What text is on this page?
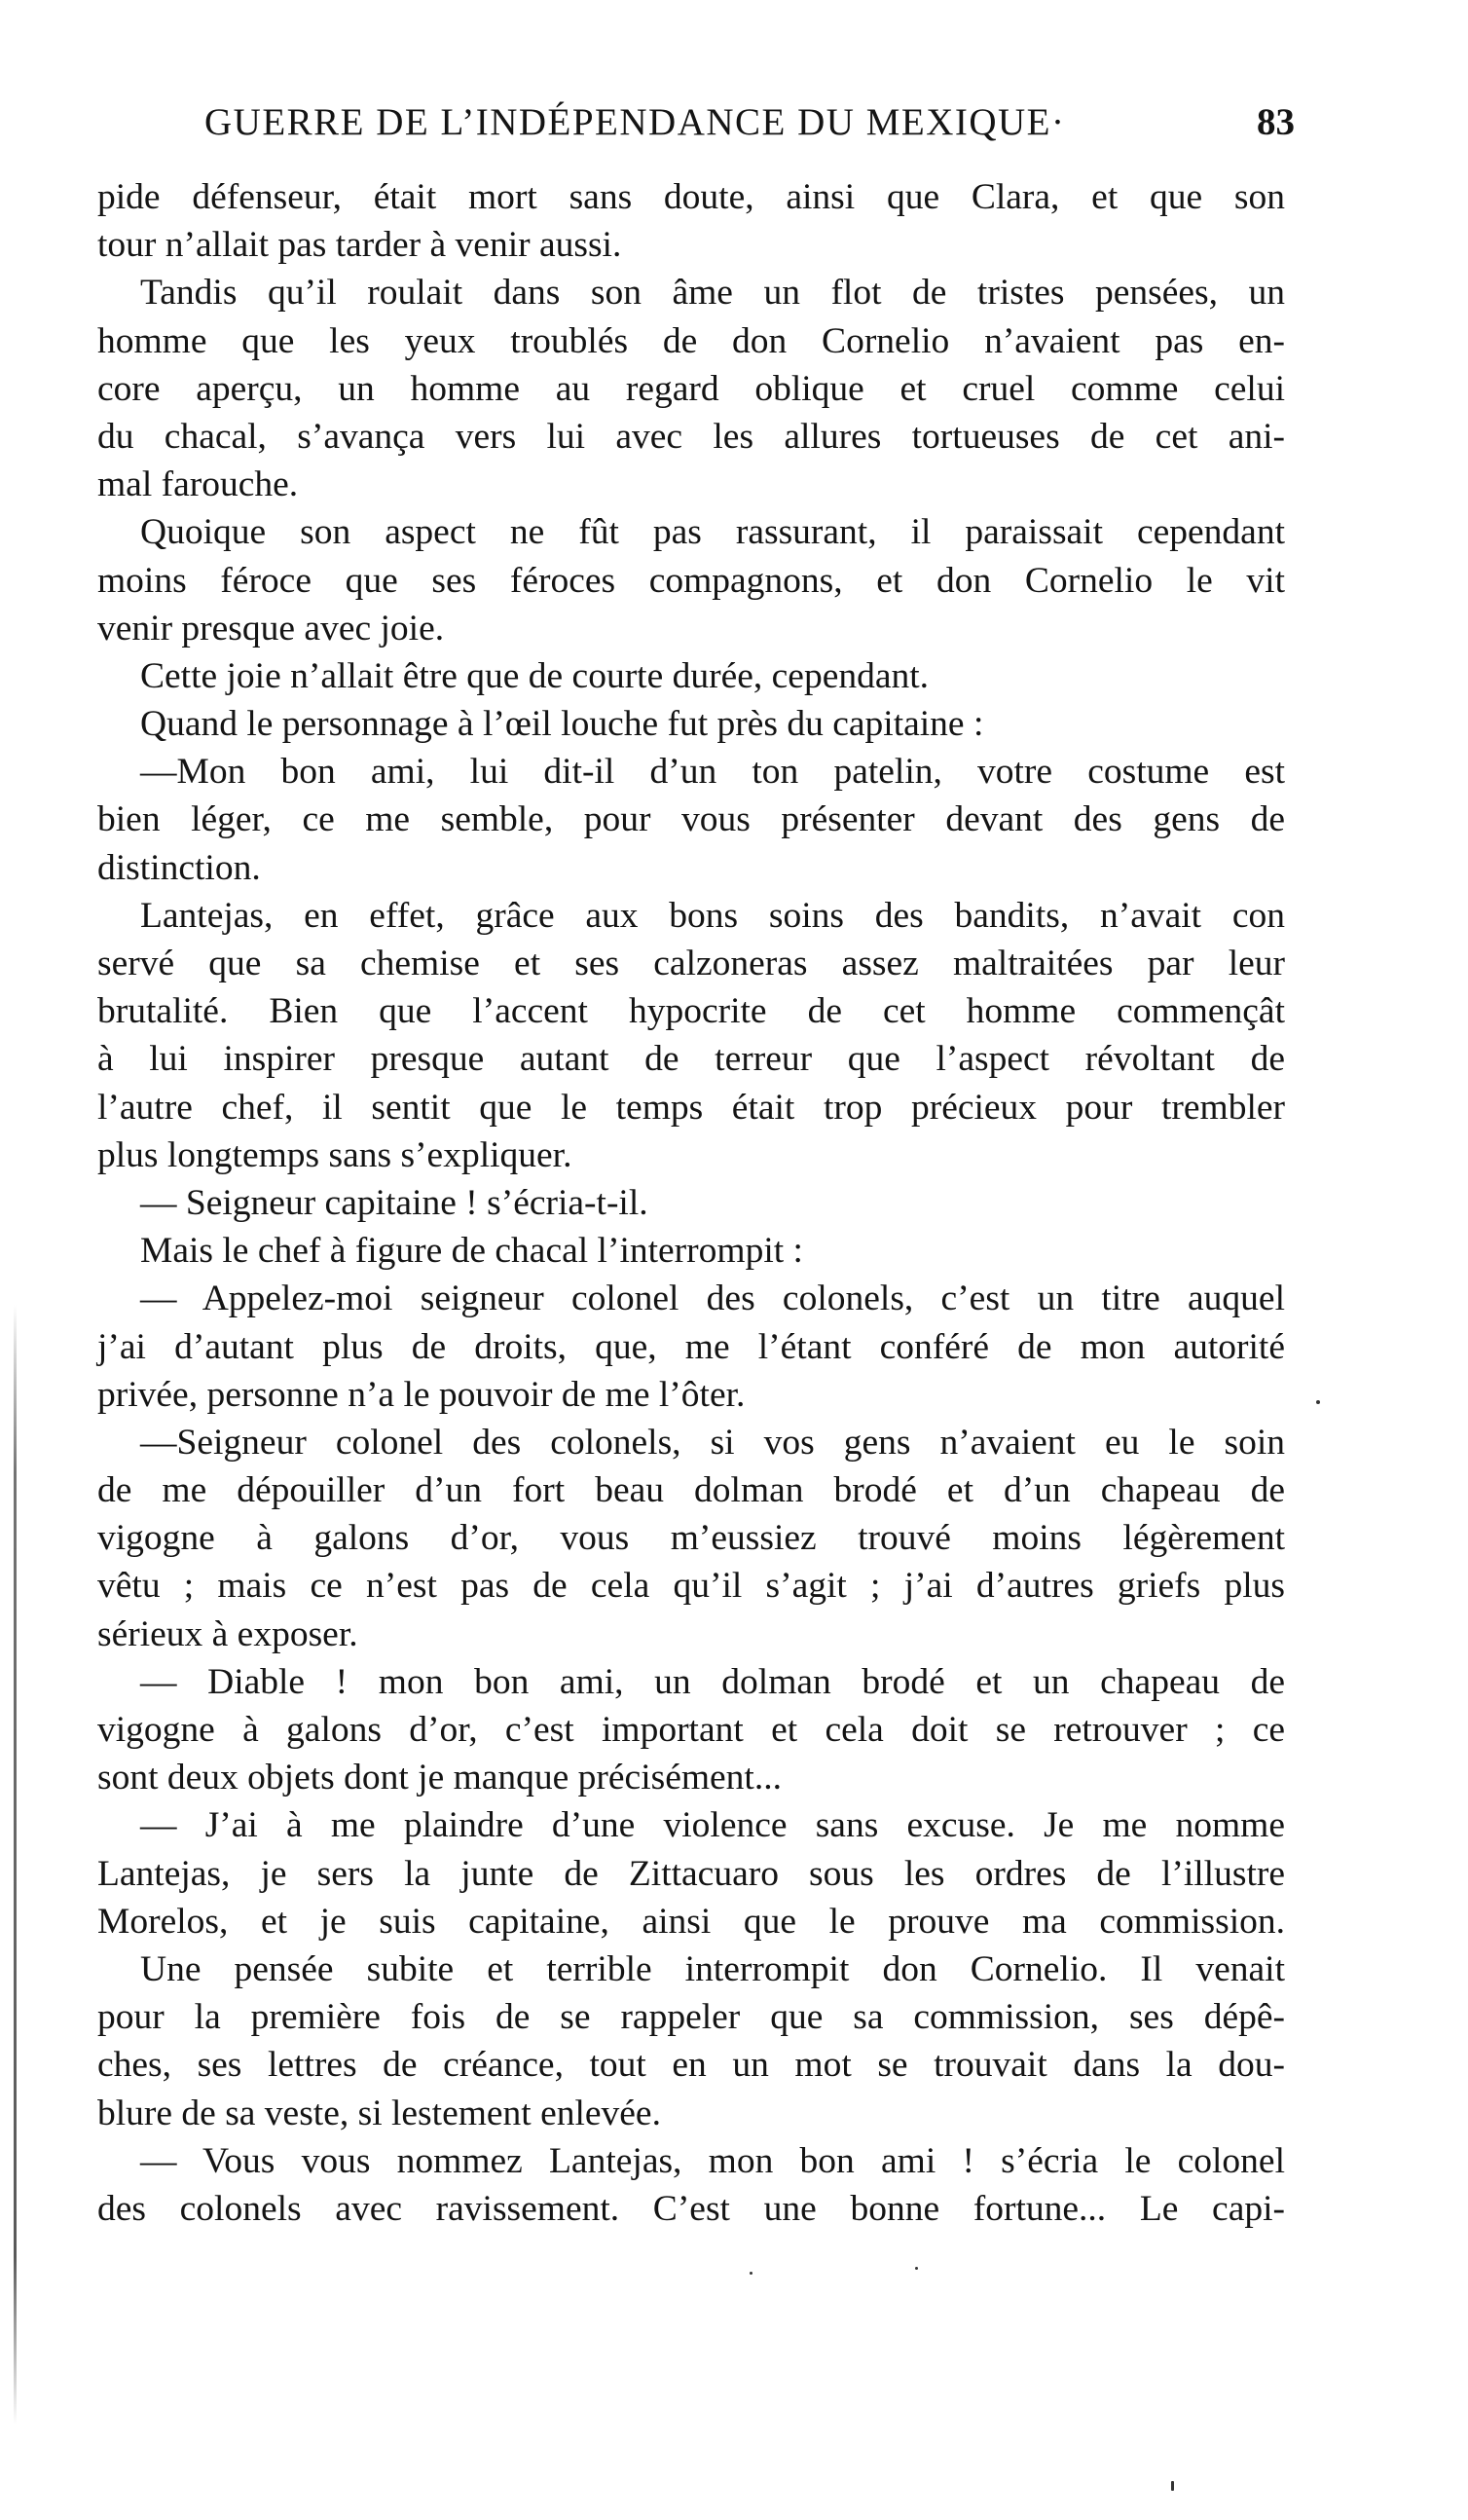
GUERRE DE L’INDÉPENDANCE DU MEXIQUE·	83
pide défenseur, était mort sans doute, ainsi que Clara, et que son
tour n’allait pas tarder à venir aussi.
Tandis qu’il roulait dans son âme un flot de tristes pensées, un
homme que les yeux troublés de don Cornelio n’avaient pas en-
core aperçu, un homme au regard oblique et cruel comme celui
du chacal, s’avança vers lui avec les allures tortueuses de cet ani-
mal farouche.
Quoique son aspect ne fût pas rassurant, il paraissait cependant
moins féroce que ses féroces compagnons, et don Cornelio le vit
venir presque avec joie.
Cette joie n’allait être que de courte durée, cependant.
Quand le personnage à l’œil louche fut près du capitaine :
—Mon bon ami, lui dit-il d’un ton patelin, votre costume est
bien léger, ce me semble, pour vous présenter devant des gens de
distinction.
Lantejas, en effet, grâce aux bons soins des bandits, n’avait con
servé que sa chemise et ses calzoneras assez maltraitées par leur
brutalité. Bien que l’accent hypocrite de cet homme commençât
à lui inspirer presque autant de terreur que l’aspect révoltant de
l’autre chef, il sentit que le temps était trop précieux pour trembler
plus longtemps sans s’expliquer.
— Seigneur capitaine ! s’écria-t-il.
Mais le chef à figure de chacal l’interrompit :
— Appelez-moi seigneur colonel des colonels, c’est un titre auquel
j’ai d’autant plus de droits, que, me l’étant conféré de mon autorité
privée, personne n’a le pouvoir de me l’ôter.
—Seigneur colonel des colonels, si vos gens n’avaient eu le soin
de me dépouiller d’un fort beau dolman brodé et d’un chapeau de
vigogne à galons d’or, vous m’eussiez trouvé moins légèrement
vêtu ; mais ce n’est pas de cela qu’il s’agit ; j’ai d’autres griefs plus
sérieux à exposer.
— Diable ! mon bon ami, un dolman brodé et un chapeau de
vigogne à galons d’or, c’est important et cela doit se retrouver ; ce
sont deux objets dont je manque précisément...
— J’ai à me plaindre d’une violence sans excuse. Je me nomme
Lantejas, je sers la junte de Zittacuaro sous les ordres de l’illustre
Morelos, et je suis capitaine, ainsi que le prouve ma commission.
Une pensée subite et terrible interrompit don Cornelio. Il venait
pour la première fois de se rappeler que sa commission, ses dépê-
ches, ses lettres de créance, tout en un mot se trouvait dans la dou-
blure de sa veste, si lestement enlevée.
— Vous vous nommez Lantejas, mon bon ami ! s’écria le colonel
des colonels avec ravissement. C’est une bonne fortune... Le capi-
